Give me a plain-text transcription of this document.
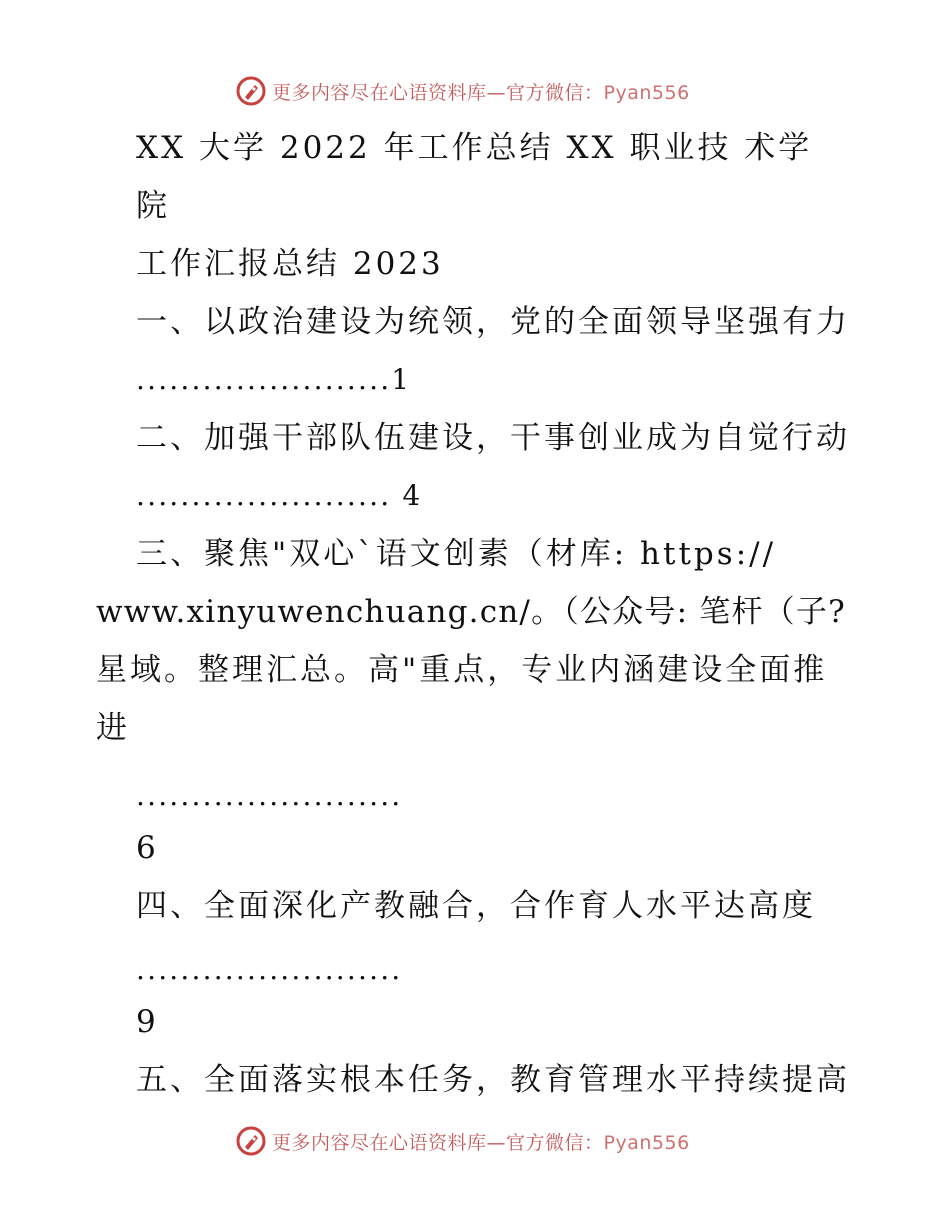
更多内容尽在心语资料库—官方微信：Pyan556
XX 大学 2022 年工作总结 XX 职业技 术学
院
工作汇报总结 2023
一、以政治建设为统领，党的全面领导坚强有力
.......................1
二、加强干部队伍建设，干事创业成为自觉行动
....................... 4
三、聚焦"双心`语文创素（材库: https://
www.xinyuwenchuang.cn/。（公众号: 笔杆（子?
星域。整理汇总。高"重点，专业内涵建设全面推
进
........................
6
四、全面深化产教融合，合作育人水平达高度
........................
9
五、全面落实根本任务，教育管理水平持续提高
更多内容尽在心语资料库—官方微信：Pyan556
